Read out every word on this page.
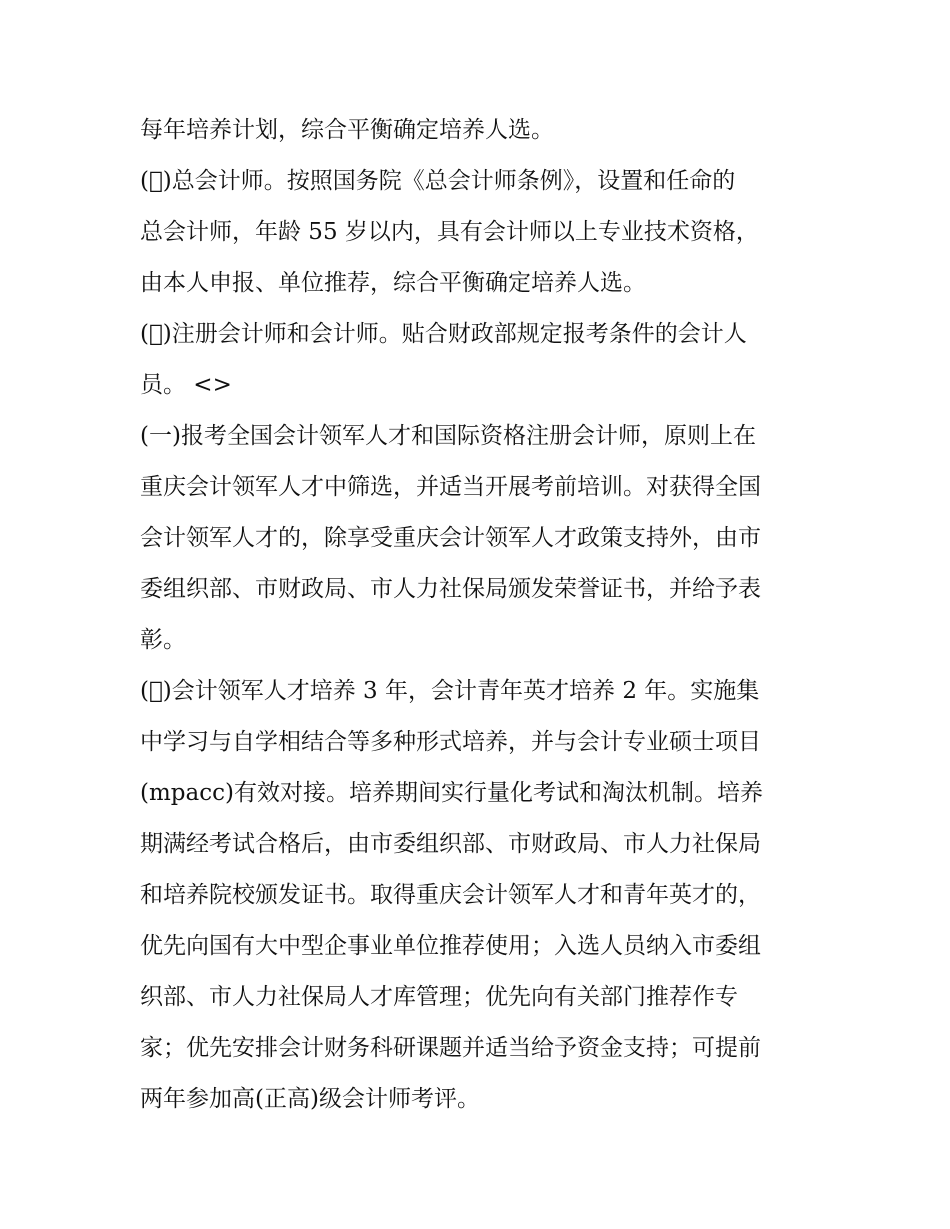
每年培养计划，综合平衡确定培养人选。
( )总会计师。按照国务院《总会计师条例》，设置和任命的
总会计师，年龄 55 岁以内，具有会计师以上专业技术资格，
由本人申报、单位推荐，综合平衡确定培养人选。
( )注册会计师和会计师。贴合财政部规定报考条件的会计人
员。 <>
(一)报考全国会计领军人才和国际资格注册会计师，原则上在
重庆会计领军人才中筛选，并适当开展考前培训。对获得全国
会计领军人才的，除享受重庆会计领军人才政策支持外，由市
委组织部、市财政局、市人力社保局颁发荣誉证书，并给予表
彰。
( )会计领军人才培养 3 年，会计青年英才培养 2 年。实施集
中学习与自学相结合等多种形式培养，并与会计专业硕士项目
(mpacc)有效对接。培养期间实行量化考试和淘汰机制。培养
期满经考试合格后，由市委组织部、市财政局、市人力社保局
和培养院校颁发证书。取得重庆会计领军人才和青年英才的，
优先向国有大中型企事业单位推荐使用；入选人员纳入市委组
织部、市人力社保局人才库管理；优先向有关部门推荐作专
家；优先安排会计财务科研课题并适当给予资金支持；可提前
两年参加高(正高)级会计师考评。
